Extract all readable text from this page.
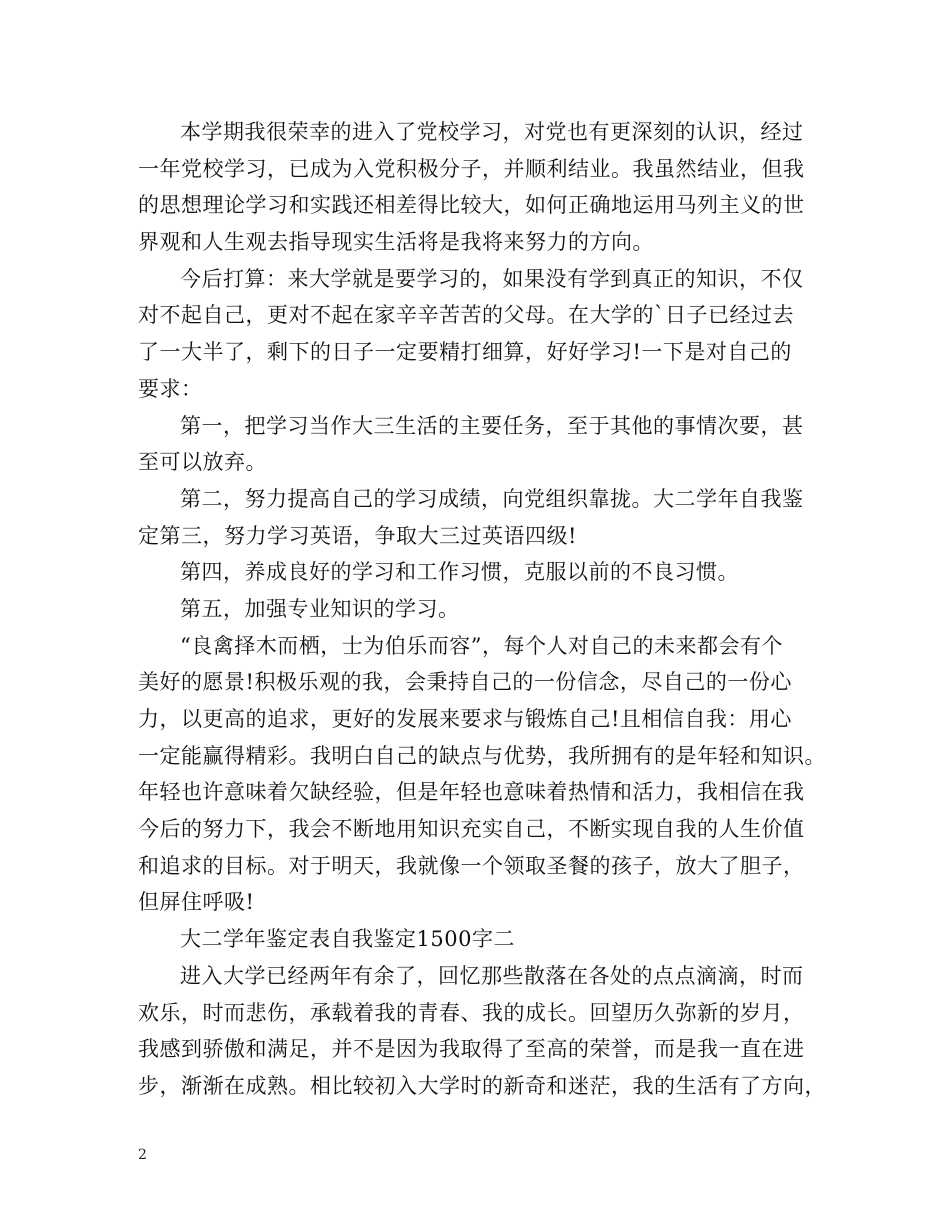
本学期我很荣幸的进入了党校学习，对党也有更深刻的认识，经过
一年党校学习，已成为入党积极分子，并顺利结业。我虽然结业，但我
的思想理论学习和实践还相差得比较大，如何正确地运用马列主义的世
界观和人生观去指导现实生活将是我将来努力的方向。
今后打算：来大学就是要学习的，如果没有学到真正的知识，不仅
对不起自己，更对不起在家辛辛苦苦的父母。在大学的`日子已经过去
了一大半了，剩下的日子一定要精打细算，好好学习!一下是对自己的
要求：
第一，把学习当作大三生活的主要任务，至于其他的事情次要，甚
至可以放弃。
第二，努力提高自己的学习成绩，向党组织靠拢。大二学年自我鉴
定第三，努力学习英语，争取大三过英语四级!
第四，养成良好的学习和工作习惯，克服以前的不良习惯。
第五，加强专业知识的学习。
“良禽择木而栖，士为伯乐而容”，每个人对自己的未来都会有个
美好的愿景!积极乐观的我，会秉持自己的一份信念，尽自己的一份心
力，以更高的追求，更好的发展来要求与锻炼自己!且相信自我：用心
一定能赢得精彩。我明白自己的缺点与优势，我所拥有的是年轻和知识。
年轻也许意味着欠缺经验，但是年轻也意味着热情和活力，我相信在我
今后的努力下，我会不断地用知识充实自己，不断实现自我的人生价值
和追求的目标。对于明天，我就像一个领取圣餐的孩子，放大了胆子，
但屏住呼吸!
大二学年鉴定表自我鉴定1500字二
进入大学已经两年有余了，回忆那些散落在各处的点点滴滴，时而
欢乐，时而悲伤，承载着我的青春、我的成长。回望历久弥新的岁月，
我感到骄傲和满足，并不是因为我取得了至高的荣誉，而是我一直在进
步，渐渐在成熟。相比较初入大学时的新奇和迷茫，我的生活有了方向，
2
